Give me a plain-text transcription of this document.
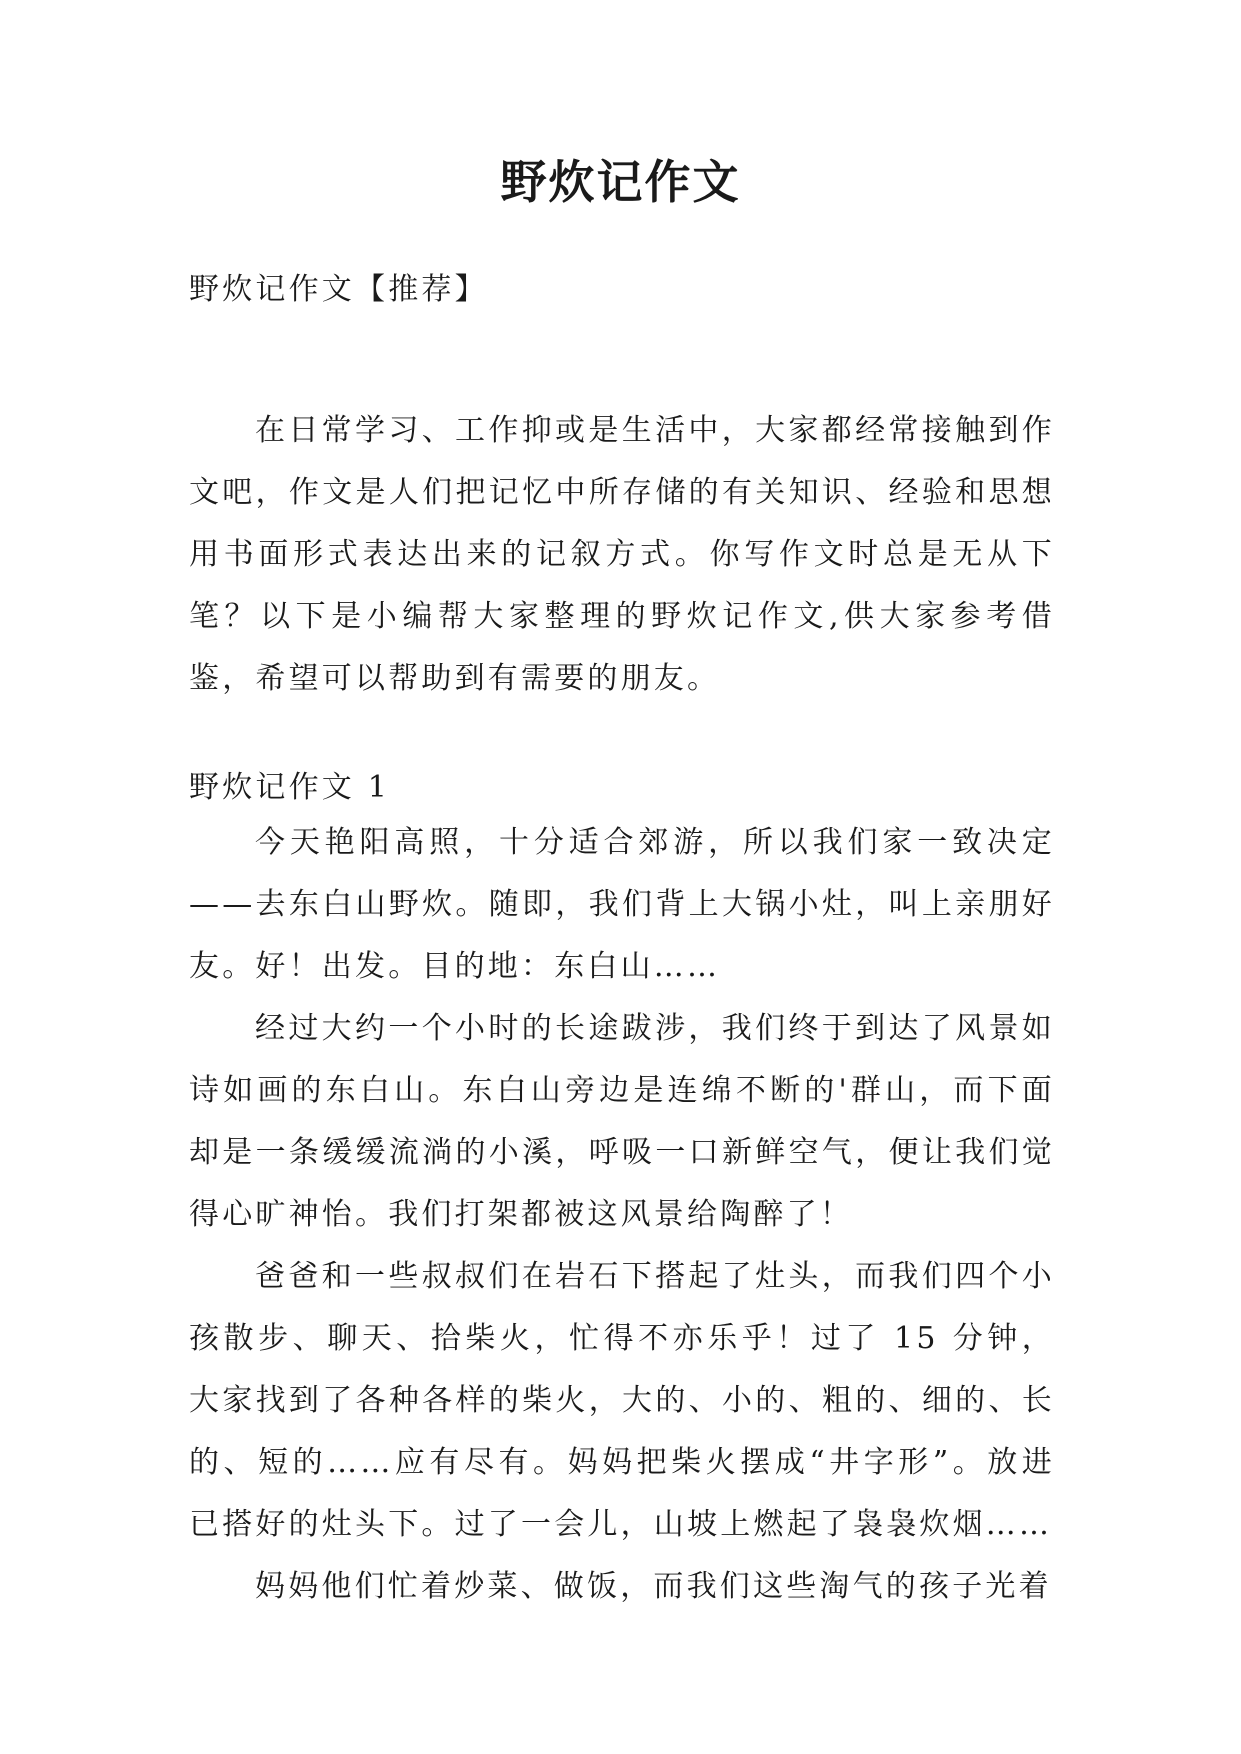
野炊记作文
野炊记作文【推荐】

在日常学习、工作抑或是生活中，大家都经常接触到作文吧，作文是人们把记忆中所存储的有关知识、经验和思想用书面形式表达出来的记叙方式。你写作文时总是无从下笔？以下是小编帮大家整理的野炊记作文,供大家参考借鉴，希望可以帮助到有需要的朋友。

野炊记作文 1

今天艳阳高照，十分适合郊游，所以我们家一致决定——去东白山野炊。随即，我们背上大锅小灶，叫上亲朋好友。好！出发。目的地：东白山……

经过大约一个小时的长途跋涉，我们终于到达了风景如诗如画的东白山。东白山旁边是连绵不断的'群山，而下面却是一条缓缓流淌的小溪，呼吸一口新鲜空气，便让我们觉得心旷神怡。我们打架都被这风景给陶醉了！

爸爸和一些叔叔们在岩石下搭起了灶头，而我们四个小孩散步、聊天、拾柴火，忙得不亦乐乎！过了 15 分钟，大家找到了各种各样的柴火，大的、小的、粗的、细的、长的、短的……应有尽有。妈妈把柴火摆成“井字形”。放进已搭好的灶头下。过了一会儿，山坡上燃起了袅袅炊烟……

妈妈他们忙着炒菜、做饭，而我们这些淘气的孩子光着
